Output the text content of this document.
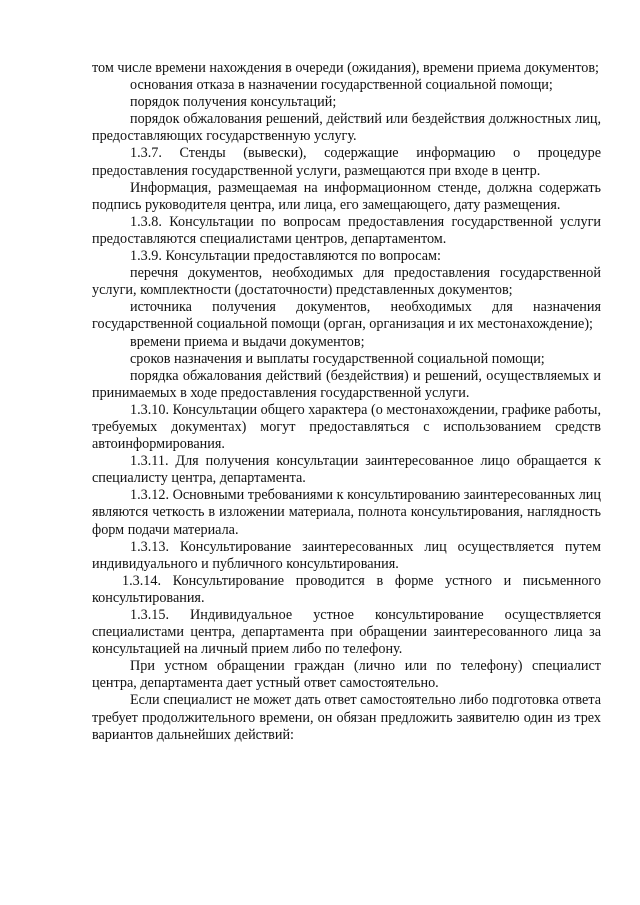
том числе времени нахождения в очереди (ожидания), времени приема документов;

основания отказа в назначении государственной социальной помощи;

порядок получения консультаций;

порядок обжалования решений, действий или бездействия должностных лиц, предоставляющих государственную услугу.

1.3.7. Стенды (вывески), содержащие информацию о процедуре предоставления государственной услуги, размещаются при входе в центр.

Информация, размещаемая на информационном стенде, должна содержать подпись руководителя центра, или лица, его замещающего, дату размещения.

1.3.8. Консультации по вопросам предоставления государственной услуги предоставляются специалистами центров, департаментом.

1.3.9. Консультации предоставляются по вопросам:

перечня документов, необходимых для предоставления государственной услуги, комплектности (достаточности) представленных документов;

источника получения документов, необходимых для назначения государственной социальной помощи (орган, организация и их местонахождение);

времени приема и выдачи документов;

сроков назначения и выплаты государственной социальной помощи;

порядка обжалования действий (бездействия) и решений, осуществляемых и принимаемых в ходе предоставления государственной услуги.

1.3.10. Консультации общего характера (о местонахождении, графике работы, требуемых документах) могут предоставляться с использованием средств автоинформирования.

1.3.11. Для получения консультации заинтересованное лицо обращается к специалисту центра, департамента.

1.3.12. Основными требованиями к консультированию заинтересованных лиц являются четкость в изложении материала, полнота консультирования, наглядность форм подачи материала.

1.3.13. Консультирование заинтересованных лиц осуществляется путем индивидуального и публичного консультирования.

1.3.14. Консультирование проводится в форме устного и письменного консультирования.

1.3.15. Индивидуальное устное консультирование осуществляется специалистами центра, департамента при обращении заинтересованного лица за консультацией на личный прием либо по телефону.

При устном обращении граждан (лично или по телефону) специалист центра, департамента дает устный ответ самостоятельно.

Если специалист не может дать ответ самостоятельно либо подготовка ответа требует продолжительного времени, он обязан предложить заявителю один из трех вариантов дальнейших действий:
